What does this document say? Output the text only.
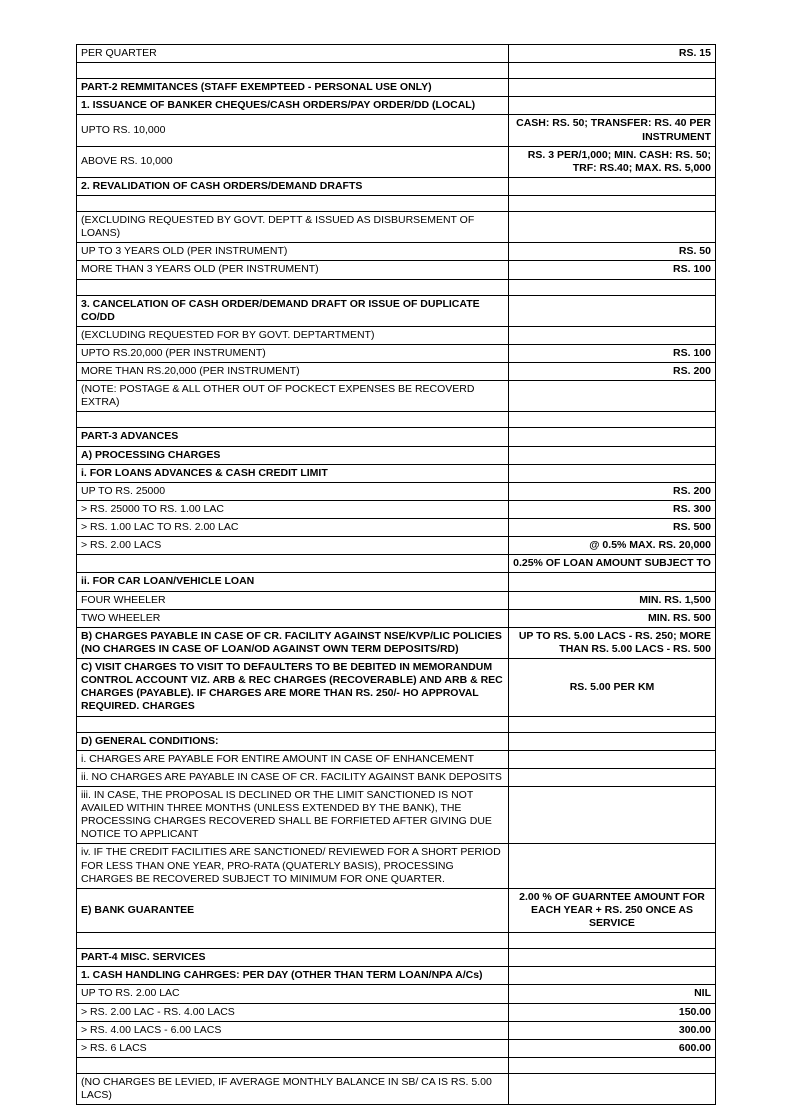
PER QUARTER	RS. 15

PART-2 REMMITANCES (STAFF EXEMPTEED - PERSONAL USE ONLY)	
1. ISSUANCE OF BANKER CHEQUES/CASH ORDERS/PAY ORDER/DD (LOCAL)	
UPTO RS. 10,000	CASH: RS. 50; TRANSFER: RS. 40 PER INSTRUMENT
ABOVE RS. 10,000	RS. 3 PER/1,000; MIN. CASH: RS. 50; TRF: RS.40; MAX. RS. 5,000
2. REVALIDATION OF CASH ORDERS/DEMAND DRAFTS	

(EXCLUDING REQUESTED BY GOVT. DEPTT & ISSUED AS DISBURSEMENT OF LOANS)	
UP TO 3 YEARS OLD (PER INSTRUMENT)	RS. 50
MORE THAN 3 YEARS OLD (PER INSTRUMENT)	RS. 100

3. CANCELATION OF CASH ORDER/DEMAND DRAFT OR ISSUE OF DUPLICATE CO/DD	
(EXCLUDING REQUESTED FOR BY GOVT. DEPTARTMENT)	
UPTO RS.20,000 (PER INSTRUMENT)	RS. 100
MORE THAN RS.20,000 (PER INSTRUMENT)	RS. 200
(NOTE: POSTAGE & ALL OTHER OUT OF POCKECT EXPENSES BE RECOVERD EXTRA)	

PART-3 ADVANCES	
A) PROCESSING CHARGES	
i. FOR LOANS ADVANCES & CASH CREDIT LIMIT	
UP TO RS. 25000	RS. 200
> RS. 25000 TO RS. 1.00 LAC	RS. 300
> RS. 1.00 LAC TO RS. 2.00 LAC	RS. 500
> RS. 2.00 LACS	@ 0.5% MAX. RS. 20,000
	0.25% OF LOAN AMOUNT SUBJECT TO
ii. FOR CAR LOAN/VEHICLE LOAN	
FOUR WHEELER	MIN. RS. 1,500
TWO WHEELER	MIN. RS. 500
B) CHARGES PAYABLE IN CASE OF CR. FACILITY AGAINST NSE/KVP/LIC POLICIES (NO CHARGES IN CASE OF LOAN/OD AGAINST OWN TERM DEPOSITS/RD)	UP TO RS. 5.00 LACS - RS. 250; MORE THAN RS. 5.00 LACS - RS. 500
C) VISIT CHARGES TO VISIT TO DEFAULTERS TO BE DEBITED IN MEMORANDUM CONTROL ACCOUNT VIZ. ARB & REC CHARGES (RECOVERABLE) AND ARB & REC CHARGES (PAYABLE). IF CHARGES ARE MORE THAN RS. 250/- HO APPROVAL REQUIRED. CHARGES	RS. 5.00 PER KM

D) GENERAL CONDITIONS:	
i. CHARGES ARE PAYABLE FOR ENTIRE AMOUNT IN CASE OF ENHANCEMENT	
ii. NO CHARGES ARE PAYABLE IN CASE OF CR. FACILITY AGAINST BANK DEPOSITS	
iii. IN CASE, THE PROPOSAL IS DECLINED OR THE LIMIT SANCTIONED IS NOT AVAILED WITHIN THREE MONTHS (UNLESS EXTENDED BY THE BANK), THE PROCESSING CHARGES RECOVERED SHALL BE FORFIETED AFTER GIVING DUE NOTICE TO APPLICANT	
iv. IF THE CREDIT FACILITIES ARE SANCTIONED/ REVIEWED FOR A SHORT PERIOD FOR LESS THAN ONE YEAR, PRO-RATA (QUATERLY BASIS), PROCESSING CHARGES BE RECOVERED SUBJECT TO MINIMUM FOR ONE QUARTER.	
E) BANK GUARANTEE	2.00 % OF GUARNTEE AMOUNT FOR EACH YEAR + RS. 250 ONCE AS SERVICE

PART-4 MISC. SERVICES	
1. CASH HANDLING CAHRGES: PER DAY (OTHER THAN TERM LOAN/NPA A/Cs)	
UP TO RS. 2.00 LAC	NIL
> RS. 2.00 LAC - RS. 4.00 LACS	150.00
> RS. 4.00 LACS - 6.00 LACS	300.00
> RS. 6 LACS	600.00

(NO CHARGES BE LEVIED, IF AVERAGE MONTHLY BALANCE IN SB/ CA IS RS. 5.00 LACS)	
